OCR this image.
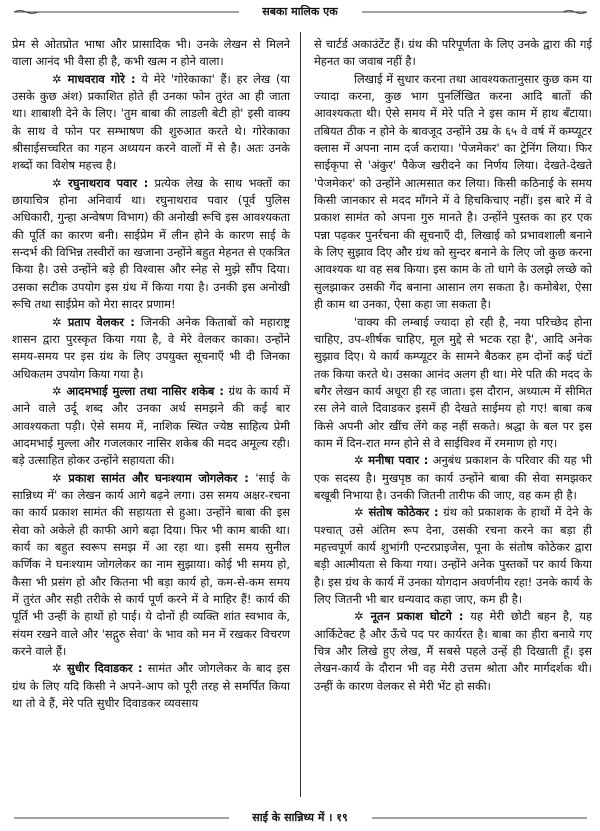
सबका मालिक एक

प्रेम से ओतप्रोत भाषा और प्रासादिक भी। उनके लेखन से मिलने वाला आनंद भी वैसा ही है, कभी खत्म न होने वाला।

✲ माधवराव गोरे : ये मेरे 'गोरेकाका' हैं। हर लेख (या उसके कुछ अंश) प्रकाशित होते ही उनका फोन तुरंत आ ही जाता था। शाबाशी देने के लिए। 'तुम बाबा की लाडली बेटी हो' इसी वाक्य के साथ वे फोन पर सम्भाषण की शुरुआत करते थे। गोरेकाका श्रीसाईसच्चरित का गहन अध्ययन करने वालों में से है। अतः उनके शब्दों का विशेष महत्त्व है।

✲ रघुनाथराव पवार : प्रत्येक लेख के साथ भक्तों का छायाचित्र होना अनिवार्य था। रघुनाथराव पवार (पूर्व पुलिस अधिकारी, गुन्हा अन्वेषण विभाग) की अनोखी रूचि इस आवश्यकता की पूर्ति का कारण बनी। साईप्रेम में लीन होने के कारण साई के सन्दर्भ की विभिन्न तस्वीरों का खजाना उन्होंने बहुत मेहनत से एकत्रित किया है। उसे उन्होंने बड़े ही विश्वास और स्नेह से मुझे सौंप दिया। उसका सटीक उपयोग इस ग्रंथ में किया गया है। उनकी इस अनोखी रूचि तथा साईप्रेम को मेरा सादर प्रणाम!

✲ प्रताप वेलकर : जिनकी अनेक किताबों को महाराष्ट्र शासन द्वारा पुरस्कृत किया गया है, वे मेरे वेलकर काका। उन्होंने समय-समय पर इस ग्रंथ के लिए उपयुक्त सूचनाएँ भी दी जिनका अधिकतम उपयोग किया गया है।

✲ आदमभाई मुल्ला तथा नासिर शकेब : ग्रंथ के कार्य में आने वाले उर्दू शब्द और उनका अर्थ समझने की कई बार आवश्यकता पड़ी। ऐसे समय में, नाशिक स्थित ज्येष्ठ साहित्य प्रेमी आदमभाई मुल्ला और गजलकार नासिर शकेब की मदद अमूल्य रही। बड़े उत्साहित होकर उन्होंने सहायता की।

✲ प्रकाश सामंत और घनःश्याम जोगलेकर : 'साई के सान्निध्य में' का लेखन कार्य आगे बढ़ने लगा। उस समय अक्षर-रचना का कार्य प्रकाश सामंत की सहायता से हुआ। उन्होंने बाबा की इस सेवा को अकेले ही काफी आगे बढ़ा दिया। फिर भी काम बाकी था। कार्य का बहुत स्वरूप समझ में आ रहा था। इसी समय सुनील कर्णिक ने घनःश्याम जोगलेकर का नाम सुझाया। कोई भी समय हो, कैसा भी प्रसंग हो और कितना भी बड़ा कार्य हो, कम-से-कम समय में तुरंत और सही तरीके से कार्य पूर्ण करने में वे माहिर हैं! कार्य की पूर्ति भी उन्हीं के हाथों हो पाई। ये दोनों ही व्यक्ति शांत स्वभाव के, संयम रखने वाले और 'सद्गुरु सेवा' के भाव को मन में रखकर विचरण करने वाले हैं।

✲ सुधीर दिवाडकर : सामंत और जोगलेकर के बाद इस ग्रंथ के लिए यदि किसी ने अपने-आप को पूरी तरह से समर्पित किया था तो वे हैं, मेरे पति सुधीर दिवाडकर व्यवसाय

से चार्टर्ड अकाउंटेंट हैं। ग्रंथ की परिपूर्णता के लिए उनके द्वारा की गई मेहनत का जवाब नहीं है।

लिखाई में सुधार करना तथा आवश्यकतानुसार कुछ कम या ज्यादा करना, कुछ भाग पुनर्लिखित करना आदि बातों की आवश्यकता थी। ऐसे समय में मेरे पति ने इस काम में हाथ बँटाया। तबियत ठीक न होने के बावजूद उन्होंने उम्र के ६५ वे वर्ष में कम्प्यूटर क्लास में अपना नाम दर्ज कराया। 'पेजमेकर' का ट्रेनिंग लिया। फिर साईकृपा से 'अंकुर' पैकेज खरीदने का निर्णय लिया। देखते-देखते 'पेजमेकर' को उन्होंने आत्मसात कर लिया। किसी कठिनाई के समय किसी जानकार से मदद माँगने में वे हिचकिचाए नहीं। इस बारे में वे प्रकाश सामंत को अपना गुरु मानते है। उन्होंने पुस्तक का हर एक पन्ना पढ़कर पुनर्रचना की सूचनाएँ दी, लिखाई को प्रभावशाली बनाने के लिए सुझाव दिए और ग्रंथ को सुन्दर बनाने के लिए जो कुछ करना आवश्यक था वह सब किया। इस काम के तो धागे के उलझे लच्छे को सुलझाकर उसकी गेंद बनाना आसान लग सकता है। कमोबेश, ऐसा ही काम था उनका, ऐसा कहा जा सकता है।

'वाक्य की लम्बाई ज्यादा हो रही है, नया परिच्छेद होना चाहिए, उप-शीर्षक चाहिए, मूल मुद्दे से भटक रहा है', आदि अनेक सुझाव दिए। ये कार्य कम्प्यूटर के सामने बैठकर हम दोनों कई घंटों तक किया करते थे। उसका आनंद अलग ही था। मेरे पति की मदद के बगैर लेखन कार्य अधूरा ही रह जाता। इस दौरान, अध्यात्म में सीमित रस लेने वाले दिवाडकर इसमें ही देखते साईमय हो गए! बाबा कब किसे अपनी ओर खींच लेंगे कह नहीं सकते। श्रद्धा के बल पर इस काम में दिन-रात मग्न होने से वे साईविश्व में रममाण हो गए।

✲ मनीषा पवार : अनुबंध प्रकाशन के परिवार की यह भी एक सदस्य है। मुखपृष्ठ का कार्य उन्होंने बाबा की सेवा समझकर बखूबी निभाया है। उनकी जितनी तारीफ की जाए, वह कम ही है।

✲ संतोष कोठेकर : ग्रंथ को प्रकाशक के हाथों में देने के पश्चात् उसे अंतिम रूप देना, उसकी रचना करने का बड़ा ही महत्त्वपूर्ण कार्य शुभांगी एन्टरप्राइजेस, पूना के संतोष कोठेकर द्वारा बड़ी आत्मीयता से किया गया। उन्होंने अनेक पुस्तकों पर कार्य किया है। इस ग्रंथ के कार्य में उनका योगदान अवर्णनीय रहा! उनके कार्य के लिए जितनी भी बार धन्यवाद कहा जाए, कम ही है।

✲ नूतन प्रकाश घोटगे : यह मेरी छोटी बहन है, यह आर्किटेक्ट है और ऊँचे पद पर कार्यरत है। बाबा का हीरा बनाये गए चित्र और लिखे हुए लेख, मैं सबसे पहले उन्हें ही दिखाती हूँ। इस लेखन-कार्य के दौरान भी वह मेरी उत्तम श्रोता और मार्गदर्शक थी। उन्हीं के कारण वेलकर से मेरी भेंट हो सकी।

साई के सान्निध्य में । १९
